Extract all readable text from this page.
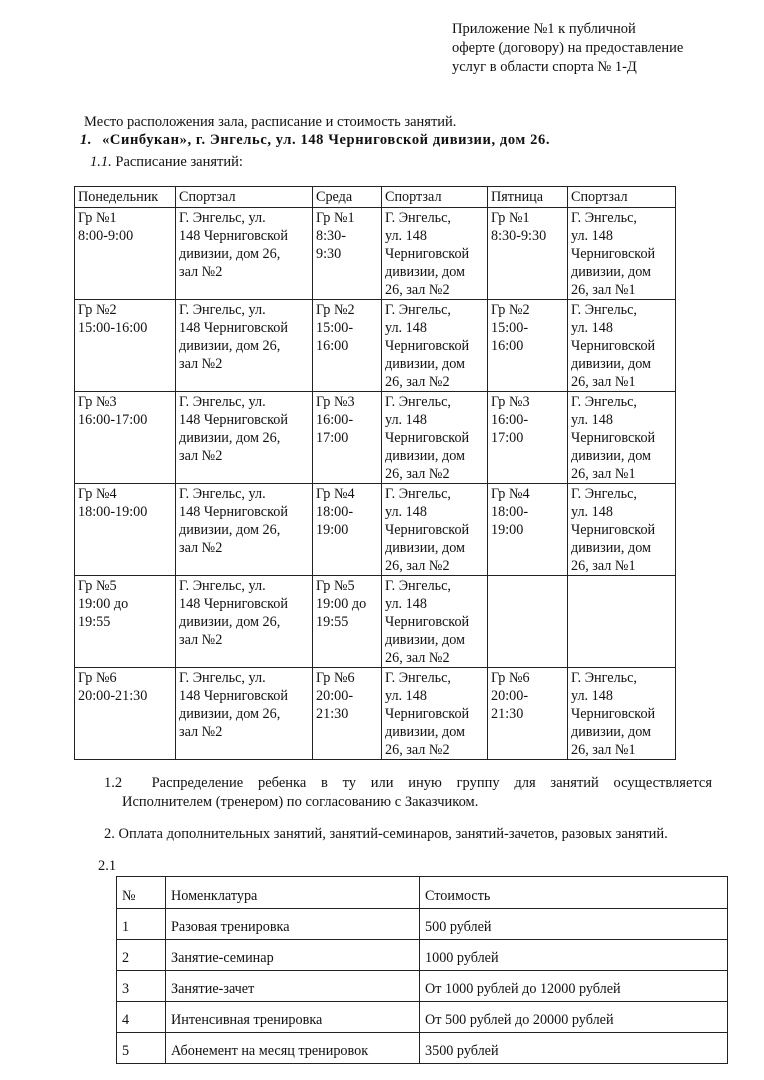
Приложение №1 к публичной
оферте (договору) на предоставление
услуг в области спорта № 1-Д
Место расположения зала, расписание и стоимость занятий.
1. «Синбукан», г. Энгельс, ул. 148 Черниговской дивизии, дом 26.
1.1. Расписание занятий:
Понедельник	Спортзал	Среда	Спортзал	Пятница	Спортзал

Гр №1
8:00-9:00	Г. Энгельс, ул.
148 Черниговской
дивизии, дом 26,
зал №2	Гр №1
8:30-
9:30	Г. Энгельс,
ул. 148
Черниговской
дивизии, дом
26, зал №2	Гр №1
8:30-9:30	Г. Энгельс,
ул. 148
Черниговской
дивизии, дом
26, зал №1

Гр №2
15:00-16:00	Г. Энгельс, ул.
148 Черниговской
дивизии, дом 26,
зал №2	Гр №2
15:00-
16:00	Г. Энгельс,
ул. 148
Черниговской
дивизии, дом
26, зал №2	Гр №2
15:00-
16:00	Г. Энгельс,
ул. 148
Черниговской
дивизии, дом
26, зал №1

Гр №3
16:00-17:00	Г. Энгельс, ул.
148 Черниговской
дивизии, дом 26,
зал №2	Гр №3
16:00-
17:00	Г. Энгельс,
ул. 148
Черниговской
дивизии, дом
26, зал №2	Гр №3
16:00-
17:00	Г. Энгельс,
ул. 148
Черниговской
дивизии, дом
26, зал №1

Гр №4
18:00-19:00	Г. Энгельс, ул.
148 Черниговской
дивизии, дом 26,
зал №2	Гр №4
18:00-
19:00	Г. Энгельс,
ул. 148
Черниговской
дивизии, дом
26, зал №2	Гр №4
18:00-
19:00	Г. Энгельс,
ул. 148
Черниговской
дивизии, дом
26, зал №1

Гр №5
19:00 до
19:55	Г. Энгельс, ул.
148 Черниговской
дивизии, дом 26,
зал №2	Гр №5
19:00 до
19:55	Г. Энгельс,
ул. 148
Черниговской
дивизии, дом
26, зал №2		

Гр №6
20:00-21:30	Г. Энгельс, ул.
148 Черниговской
дивизии, дом 26,
зал №2	Гр №6
20:00-
21:30	Г. Энгельс,
ул. 148
Черниговской
дивизии, дом
26, зал №2	Гр №6
20:00-
21:30	Г. Энгельс,
ул. 148
Черниговской
дивизии, дом
26, зал №1
1.2 Распределение ребенка в ту или иную группу для занятий осуществляется
Исполнителем (тренером) по согласованию с Заказчиком.
2. Оплата дополнительных занятий, занятий-семинаров, занятий-зачетов, разовых занятий.
2.1
№	Номенклатура	Стоимость
1	Разовая тренировка	500 рублей
2	Занятие-семинар	1000 рублей
3	Занятие-зачет	От 1000 рублей до 12000 рублей
4	Интенсивная тренировка	От 500 рублей до 20000 рублей
5	Абонемент на месяц тренировок	3500 рублей
